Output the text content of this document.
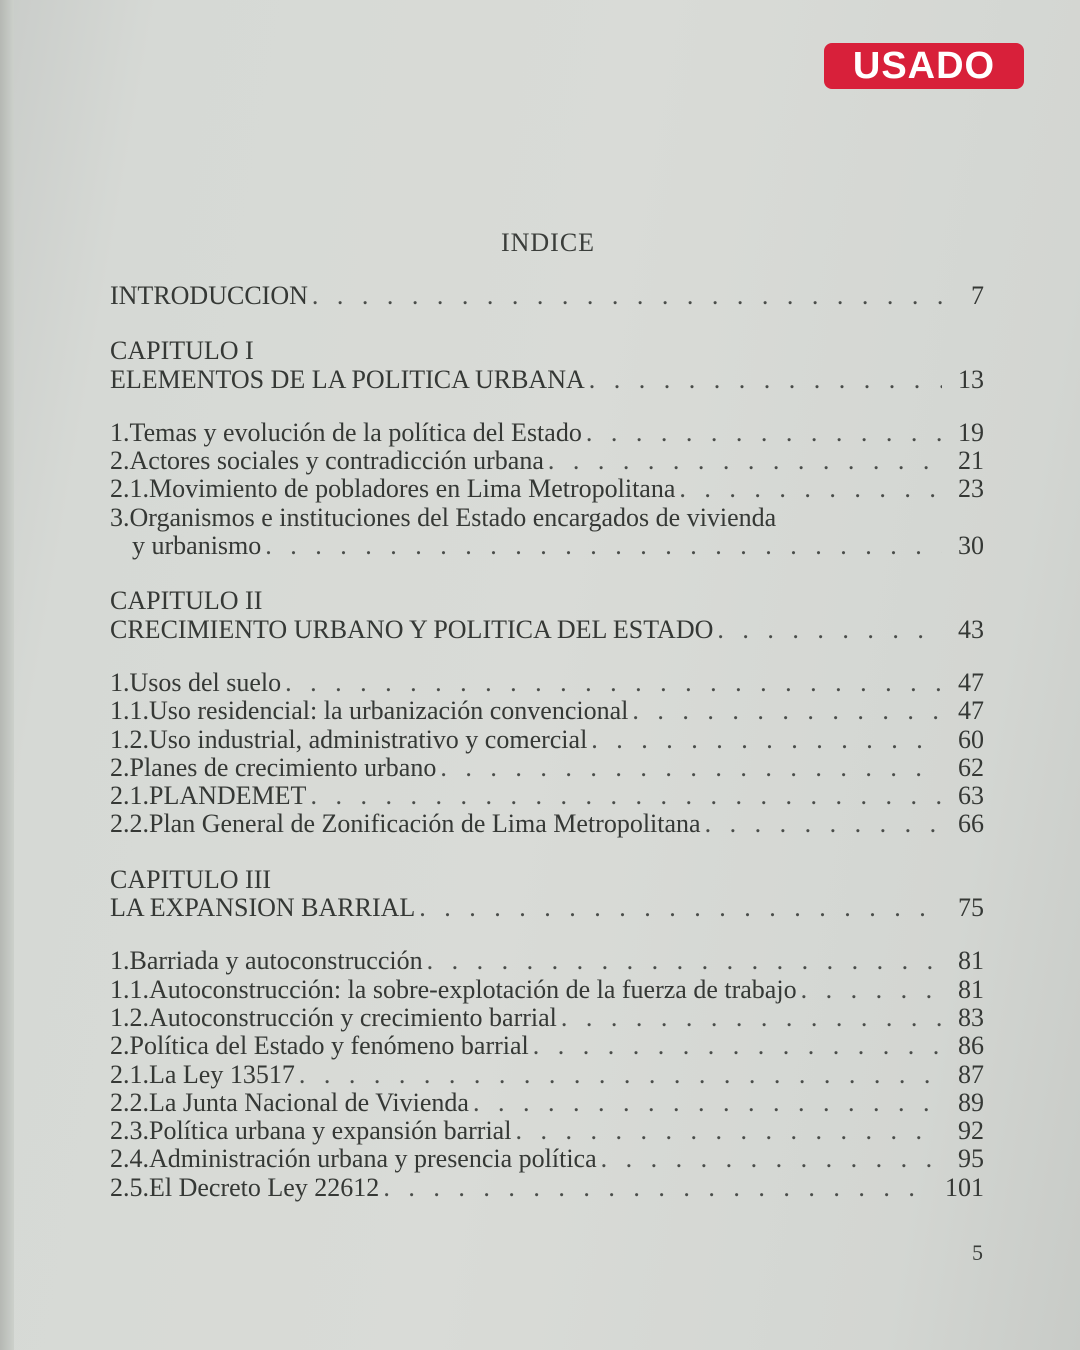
USADO
INDICE
INTRODUCCION . . .	7
CAPITULO I
ELEMENTOS DE LA POLITICA URBANA . . .	13
1.Temas y evolución de la política del Estado . . .	19
2.Actores sociales y contradicción urbana . . .	21
2.1.Movimiento de pobladores en Lima Metropolitana . . .	23
3.Organismos e instituciones del Estado encargados de vivienda
y urbanismo . . .	30
CAPITULO II
CRECIMIENTO URBANO Y POLITICA DEL ESTADO . . .	43
1.Usos del suelo . . .	47
1.1.Uso residencial: la urbanización convencional . . .	47
1.2.Uso industrial, administrativo y comercial . . .	60
2.Planes de crecimiento urbano . . .	62
2.1.PLANDEMET . . .	63
2.2.Plan General de Zonificación de Lima Metropolitana . . .	66
CAPITULO III
LA EXPANSION BARRIAL . . .	75
1.Barriada y autoconstrucción . . .	81
1.1.Autoconstrucción: la sobre-explotación de la fuerza de trabajo . . .	81
1.2.Autoconstrucción y crecimiento barrial . . .	83
2.Política del Estado y fenómeno barrial . . .	86
2.1.La Ley 13517 . . .	87
2.2.La Junta Nacional de Vivienda . . .	89
2.3.Política urbana y expansión barrial . . .	92
2.4.Administración urbana y presencia política . . .	95
2.5.El Decreto Ley 22612 . . .	101
5
